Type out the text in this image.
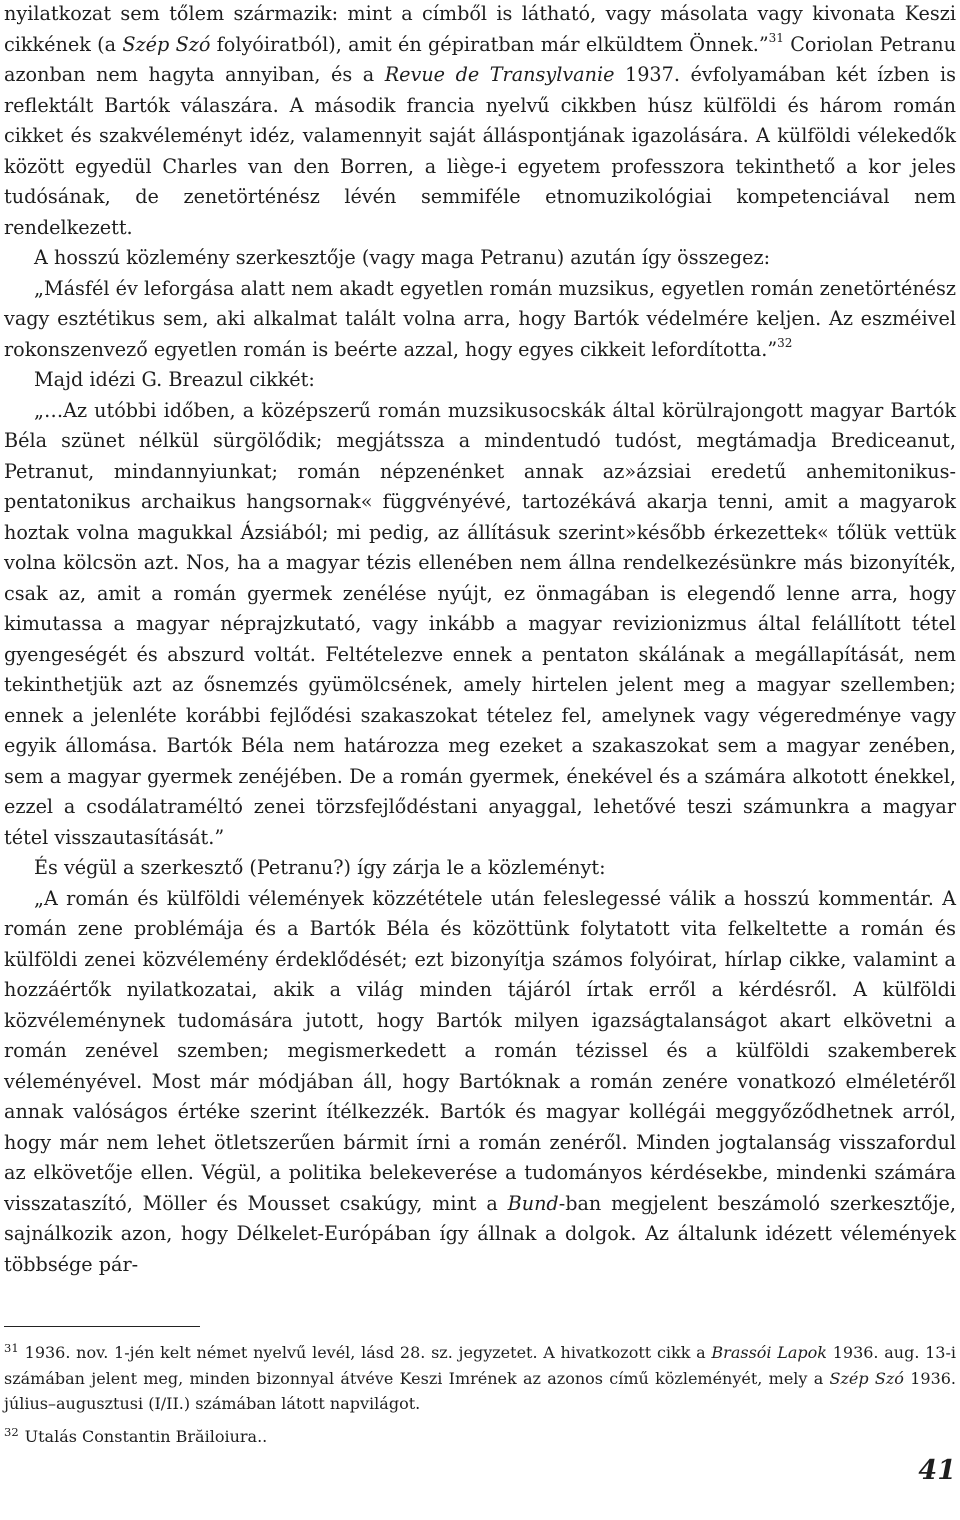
nyilatkozat sem tőlem származik: mint a címből is látható, vagy másolata vagy kivonata Keszi cikkének (a Szép Szó folyóiratból), amit én gépiratban már elküldtem Önnek.”$^{31}$ Coriolan Petranu azonban nem hagyta annyiban, és a Revue de Transylvanie 1937. évfolyamában két ízben is reflektált Bartók válaszára. A második francia nyelvű cikkben húsz külföldi és három román cikket és szakvéleményt idéz, valamennyit saját álláspontjának igazolására. A külföldi vélekedők között egyedül Charles van den Borren, a liège-i egyetem professzora tekinthető a kor jeles tudósának, de zenetörténész lévén semmiféle etnomuzikológiai kompetenciával nem rendelkezett.

A hosszú közlemény szerkesztője (vagy maga Petranu) azután így összegez:

„Másfél év leforgása alatt nem akadt egyetlen román muzsikus, egyetlen román zenetörténész vagy esztétikus sem, aki alkalmat talált volna arra, hogy Bartók védelmére keljen. Az eszméivel rokonszenvező egyetlen román is beérte azzal, hogy egyes cikkeit lefordította.”$^{32}$

Majd idézi G. Breazul cikkét:

„…Az utóbbi időben, a középszerű román muzsikusocskák által körülrajongott magyar Bartók Béla szünet nélkül sürgölődik; megjátssza a mindentudó tudóst, megtámadja Brediceanut, Petranut, mindannyiunkat; román népzenénket annak az»ázsiai eredetű anhemitonikus-pentatonikus archaikus hangsornak« függvényévé, tartozékává akarja tenni, amit a magyarok hoztak volna magukkal Ázsiából; mi pedig, az állításuk szerint»később érkezettek« tőlük vettük volna kölcsön azt. Nos, ha a magyar tézis ellenében nem állna rendelkezésünkre más bizonyíték, csak az, amit a román gyermek zenélése nyújt, ez önmagában is elegendő lenne arra, hogy kimutassa a magyar néprajzkutató, vagy inkább a magyar revizionizmus által felállított tétel gyengeségét és abszurd voltát. Feltételezve ennek a pentaton skálának a megállapítását, nem tekinthetjük azt az ősnemzés gyümölcsének, amely hirtelen jelent meg a magyar szellemben; ennek a jelenléte korábbi fejlődési szakaszokat tételez fel, amelynek vagy végeredménye vagy egyik állomása. Bartók Béla nem határozza meg ezeket a szakaszokat sem a magyar zenében, sem a magyar gyermek zenéjében. De a román gyermek, énekével és a számára alkotott énekkel, ezzel a csodálatraméltó zenei törzsfejlődéstani anyaggal, lehetővé teszi számunkra a magyar tétel visszautasítását.”

És végül a szerkesztő (Petranu?) így zárja le a közleményt:

„A román és külföldi vélemények közzététele után feleslegessé válik a hosszú kommentár. A román zene problémája és a Bartók Béla és közöttünk folytatott vita felkeltette a román és külföldi zenei közvélemény érdeklődését; ezt bizonyítja számos folyóirat, hírlap cikke, valamint a hozzáértők nyilatkozatai, akik a világ minden tájáról írtak erről a kérdésről. A külföldi közvéleménynek tudomására jutott, hogy Bartók milyen igazságtalanságot akart elkövetni a román zenével szemben; megismerkedett a román tézissel és a külföldi szakemberek véleményével. Most már módjában áll, hogy Bartóknak a román zenére vonatkozó elméletéről annak valóságos értéke szerint ítélkezzék. Bartók és magyar kollégái meggyőződhetnek arról, hogy már nem lehet ötletszerűen bármit írni a román zenéről. Minden jogtalanság visszafordul az elkövetője ellen. Végül, a politika belekeverése a tudományos kérdésekbe, mindenki számára visszataszító, Möller és Mousset csakúgy, mint a Bund-ban megjelent beszámoló szerkesztője, sajnálkozik azon, hogy Délkelet-Európában így állnak a dolgok. Az általunk idézett vélemények többsége pár-

$^{31}$ 1936. nov. 1-jén kelt német nyelvű levél, lásd 28. sz. jegyzetet. A hivatkozott cikk a Brassói Lapok 1936. aug. 13-i számában jelent meg, minden bizonnyal átvéve Keszi Imrének az azonos című közleményét, mely a Szép Szó 1936. július–augusztusi (I/II.) számában látott napvilágot.

$^{32}$ Utalás Constantin Brăiloiura..

41
